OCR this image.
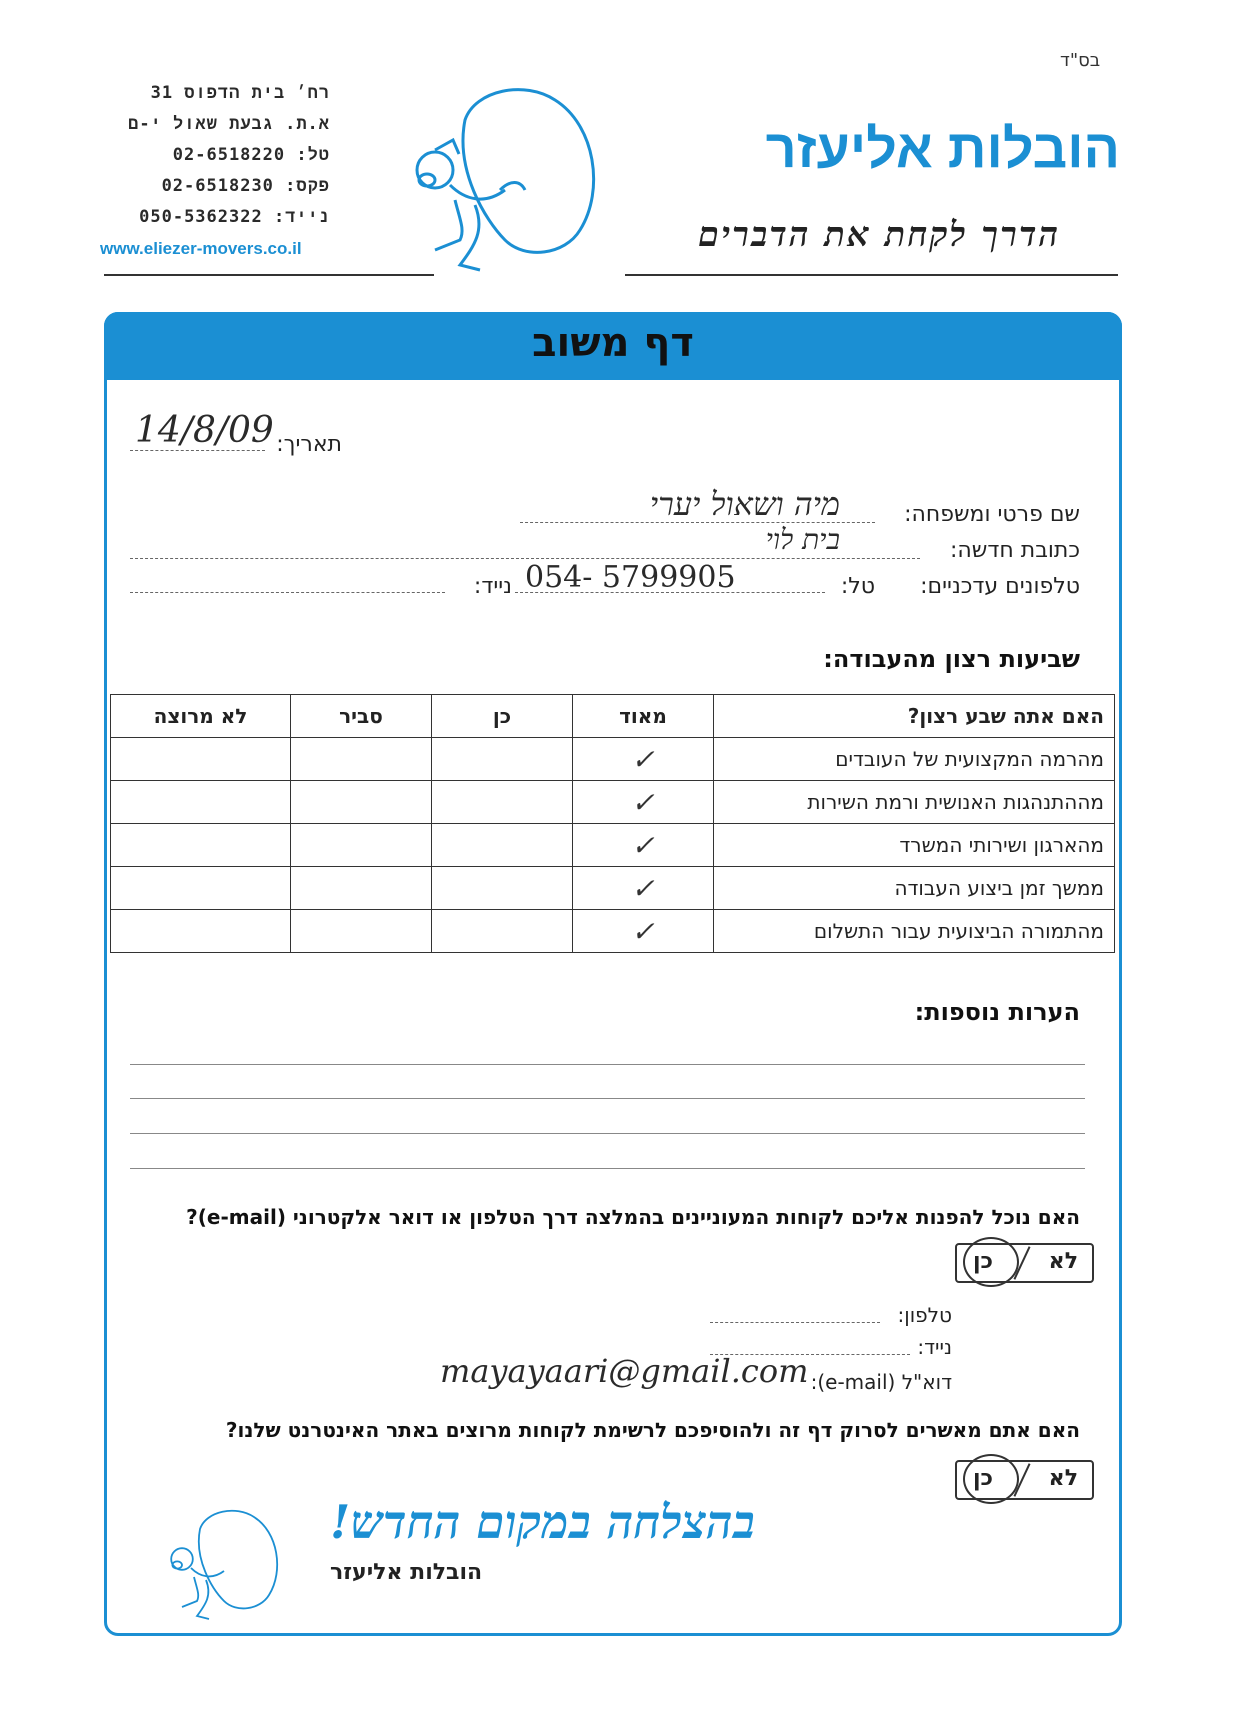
בס"ד
רח׳ בית הדפוס 31
א.ת. גבעת שאול י-ם
טל: 02-6518220
פקס: 02-6518230
נייד: 050-5362322
www.eliezer-movers.co.il
הובלות אליעזר
הדרך לקחת את הדברים
דף משוב
תאריך:
14/8/09
שם פרטי ומשפחה:
מיה ושאול יערי
כתובת חדשה:
בית לוי
טלפונים עדכניים:
טל:
054- 5799905
נייד:
שביעות רצון מהעבודה:
האם אתה שבע רצון?	מאוד	כן	סביר	לא מרוצה
מהרמה המקצועית של העובדים	✓			
מההתנהגות האנושית ורמת השירות	✓			
מהארגון ושירותי המשרד	✓			
ממשך זמן ביצוע העבודה	✓			
מהתמורה הביצועית עבור התשלום	✓			
הערות נוספות:
האם נוכל להפנות אליכם לקוחות המעוניינים בהמלצה דרך הטלפון או דואר אלקטרוני (e-mail)?
לא
כן
טלפון:
נייד:
דוא"ל (e-mail):
mayayaari@gmail.com
האם אתם מאשרים לסרוק דף זה ולהוסיפכם לרשימת לקוחות מרוצים באתר האינטרנט שלנו?
לא
כן
בהצלחה במקום החדש!
הובלות אליעזר
